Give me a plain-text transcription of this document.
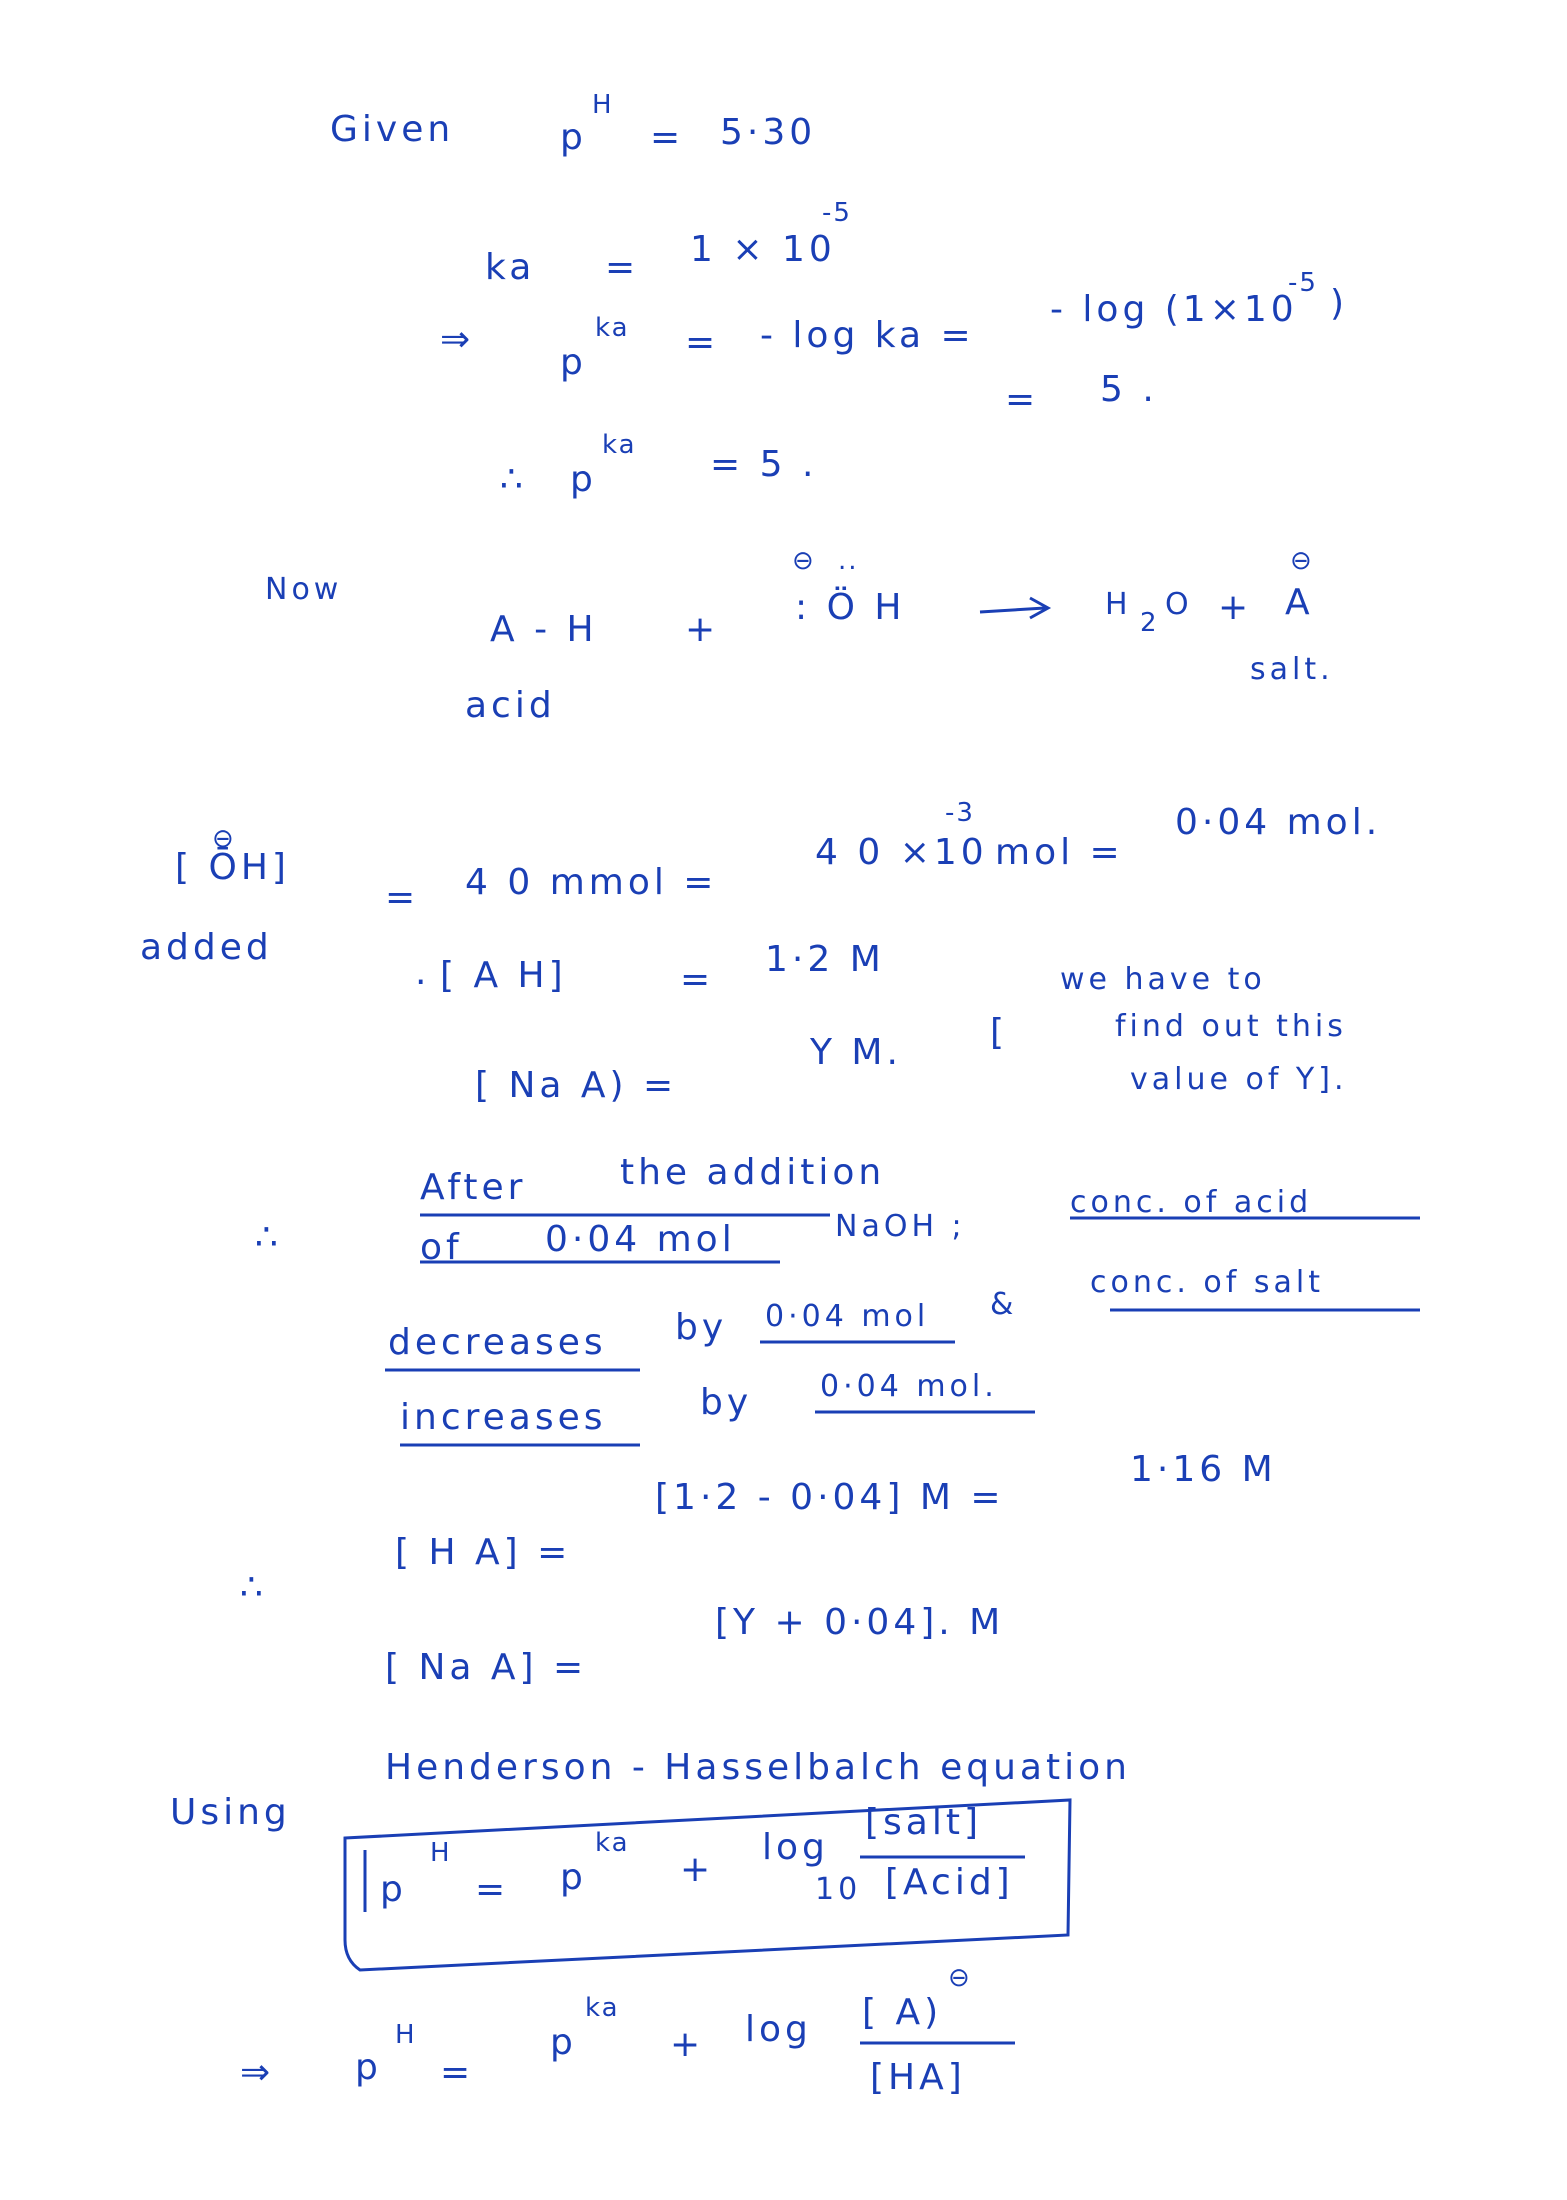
Given	p
H
= 5·30
ka = 1 × 10
-5
⇒
p
ka = - log ka =
- log (1×10
-5 )
= 5 .
∴ p
ka = 5 .
Now
A - H +
⊖ ..
: Ö H	H
2
O +
⊖
A
acid
salt.
⊖
[ ŌH]
added
= 4 0 mmol =
4 0 ×10
-3
mol =
0·04 mol.
· [ A H]	= 1·2 M
[ Na A) =
Y M. [
we have to
find out this
value of Y].
∴
After	the addition
of 0·04 mol	NaOH ;
conc. of acid
conc. of salt
decreases by 0·04 mol &
increases	by 0·04 mol.
∴
[ H A] =
[1·2 - 0·04] M =
1·16 M
[ Na A] =
[Y + 0·04]. M
Using
Henderson - Hasselbalch equation
p
H
= p
ka
+
log
10
[salt]
[Acid]
⇒ p
H
=
p
ka
+ log
⊖
[ A)
[HA]
